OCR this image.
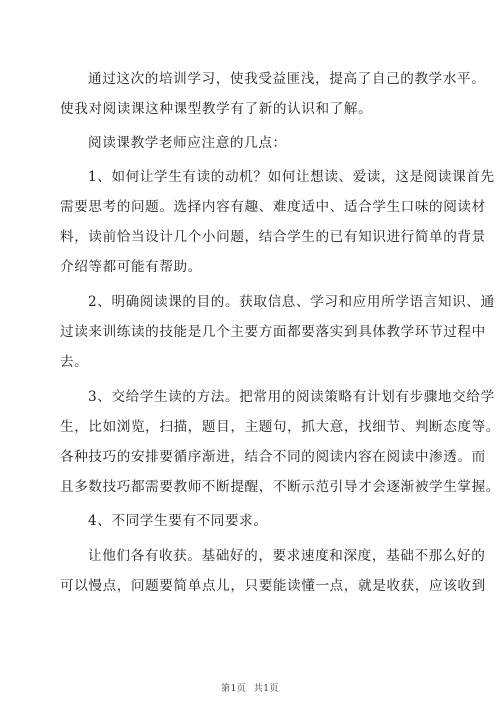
通过这次的培训学习，使我受益匪浅，提高了自己的教学水平。
使我对阅读课这种课型教学有了新的认识和了解。
阅读课教学老师应注意的几点：
1、如何让学生有读的动机？如何让想读、爱读，这是阅读课首先
需要思考的问题。选择内容有趣、难度适中、适合学生口味的阅读材
料，读前恰当设计几个小问题，结合学生的已有知识进行简单的背景
介绍等都可能有帮助。
2、明确阅读课的目的。获取信息、学习和应用所学语言知识、通
过读来训练读的技能是几个主要方面都要落实到具体教学环节过程中
去。
3、交给学生读的方法。把常用的阅读策略有计划有步骤地交给学
生，比如浏览，扫描，题目，主题句，抓大意，找细节、判断态度等。
各种技巧的安排要循序渐进，结合不同的阅读内容在阅读中渗透。而
且多数技巧都需要教师不断提醒，不断示范引导才会逐渐被学生掌握。
4、不同学生要有不同要求。
让他们各有收获。基础好的，要求速度和深度，基础不那么好的
可以慢点，问题要简单点儿，只要能读懂一点，就是收获，应该收到
第1页 共1页
